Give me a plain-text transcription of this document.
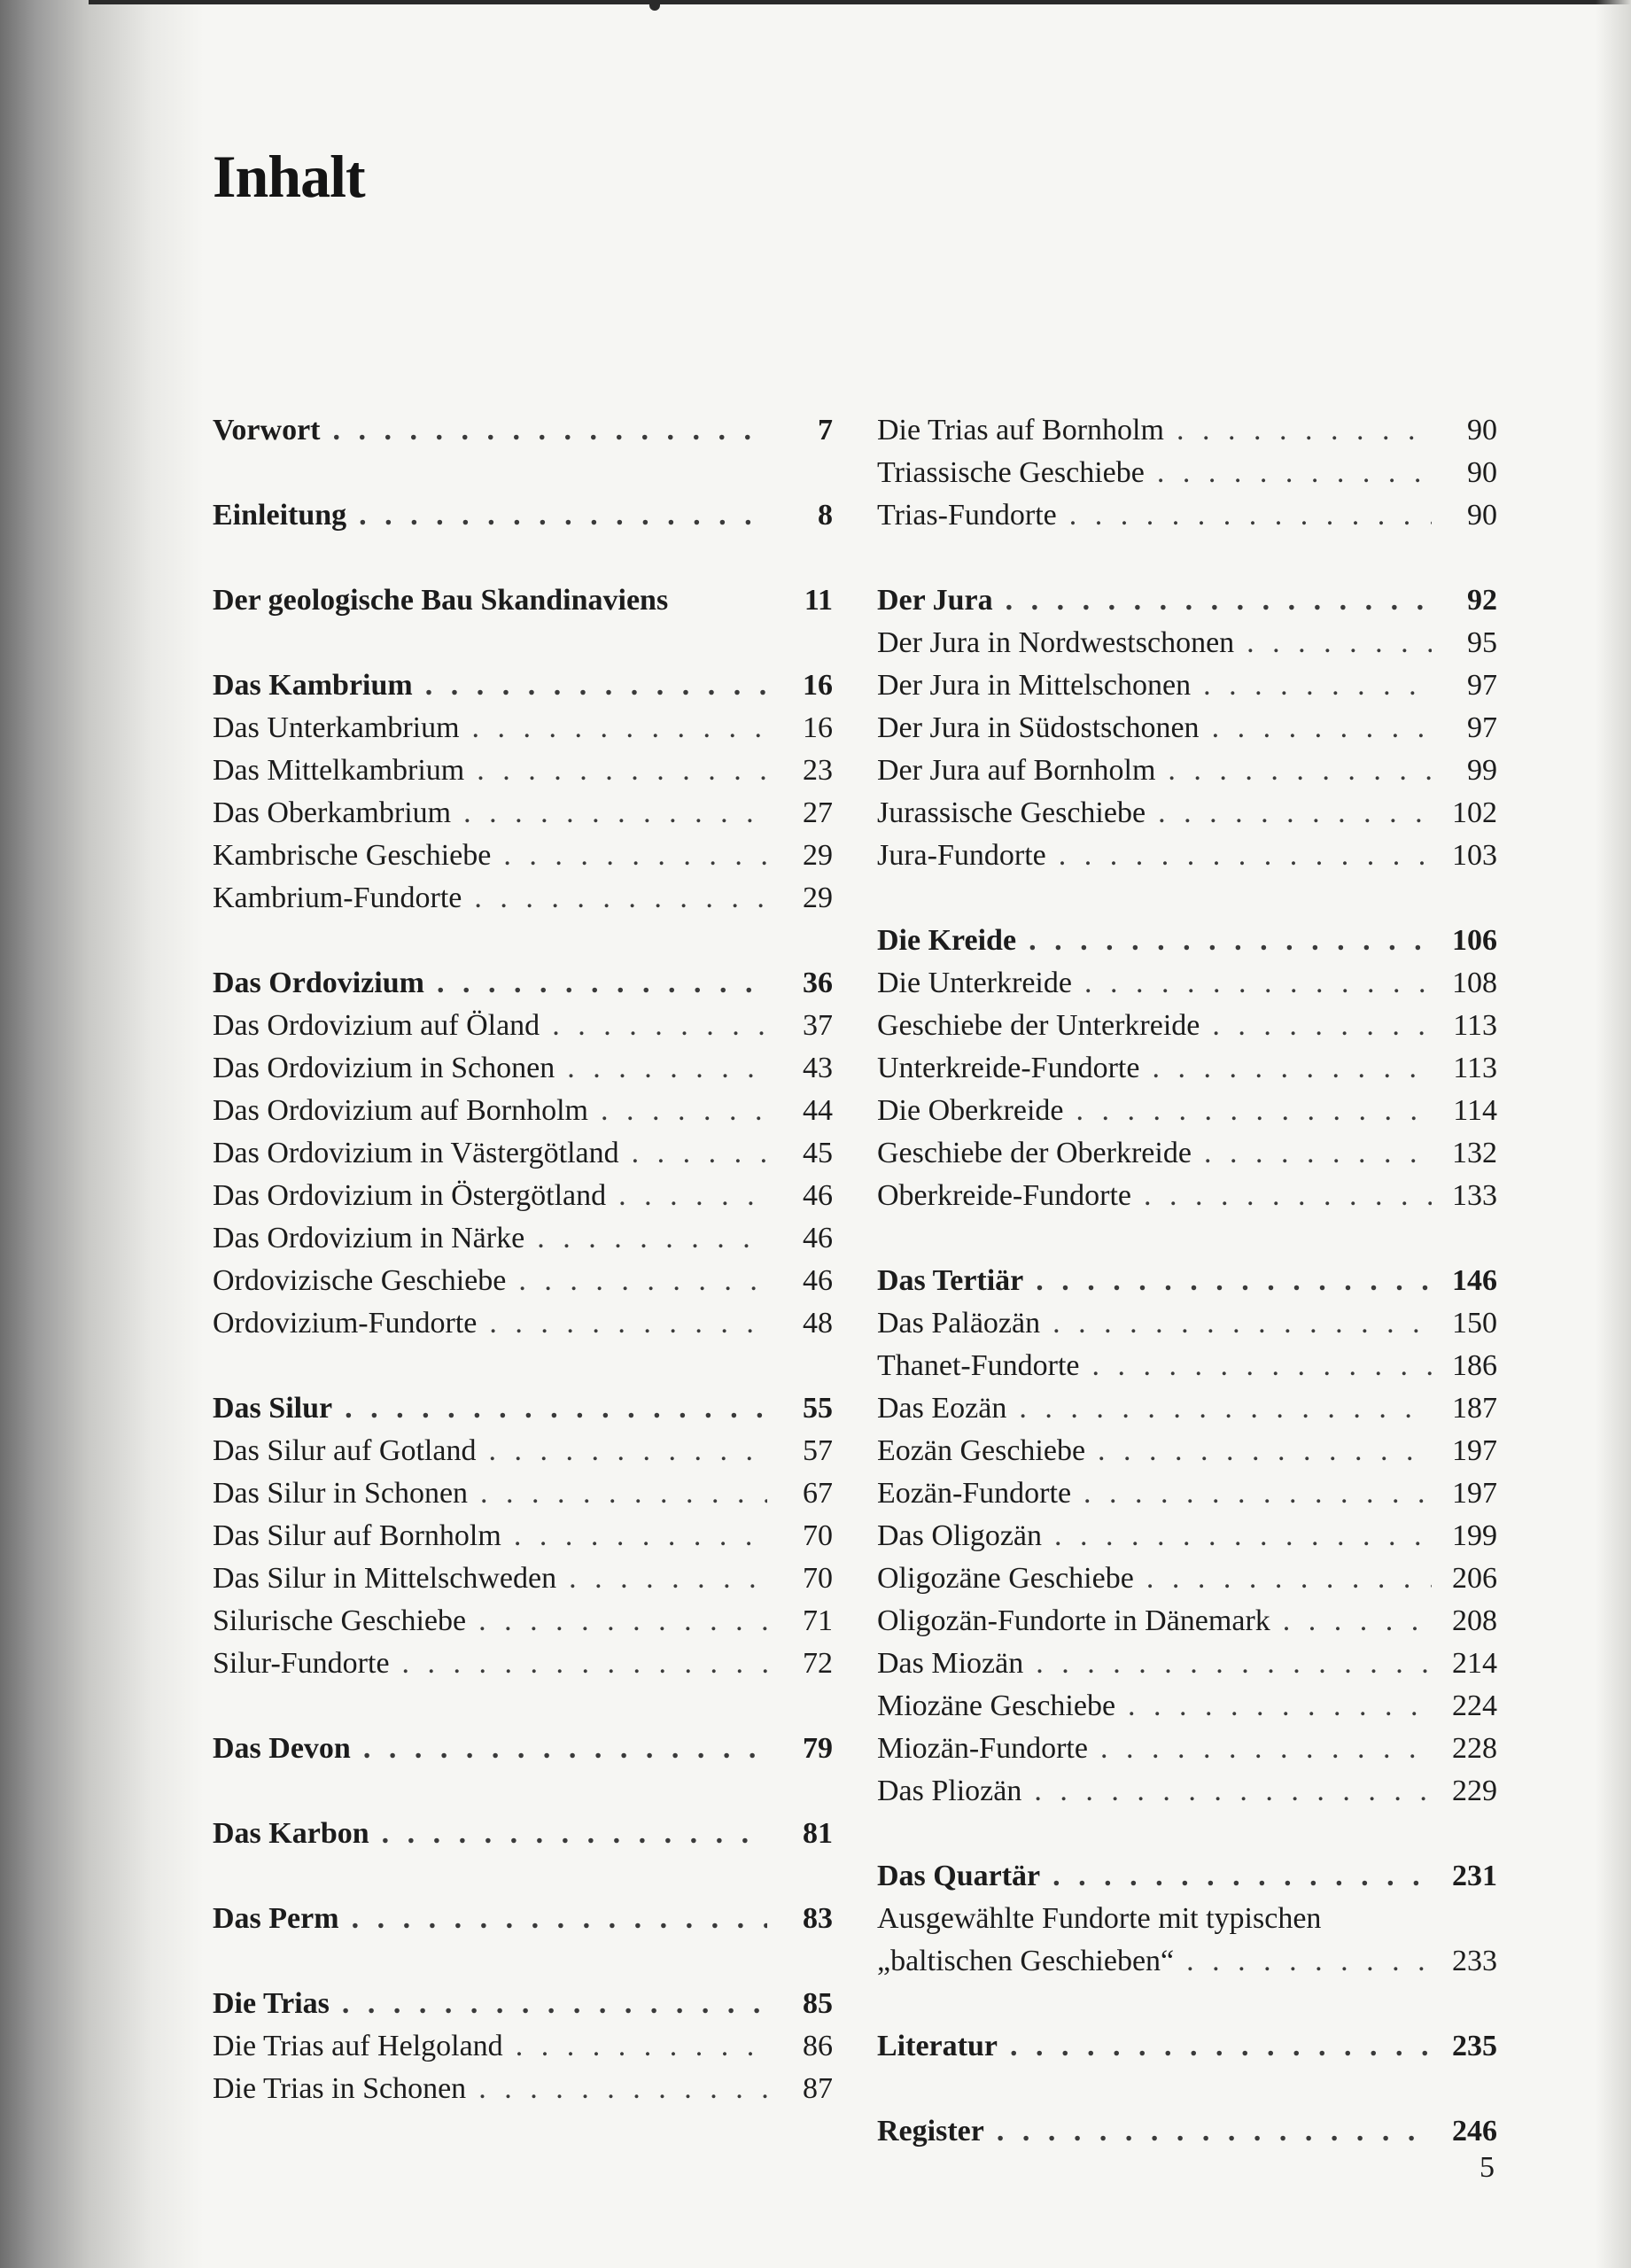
Inhalt
Vorwort . . .	7
Einleitung . . .	8
Der geologische Bau Skandinaviens	11
Das Kambrium . . .	16
Das Unterkambrium . . .	16
Das Mittelkambrium . . .	23
Das Oberkambrium . . .	27
Kambrische Geschiebe . . .	29
Kambrium-Fundorte . . .	29
Das Ordovizium . . .	36
Das Ordovizium auf Öland . . .	37
Das Ordovizium in Schonen . . .	43
Das Ordovizium auf Bornholm . . .	44
Das Ordovizium in Västergötland . . .	45
Das Ordovizium in Östergötland . . .	46
Das Ordovizium in Närke . . .	46
Ordovizische Geschiebe . . .	46
Ordovizium-Fundorte . . .	48
Das Silur . . .	55
Das Silur auf Gotland . . .	57
Das Silur in Schonen . . .	67
Das Silur auf Bornholm . . .	70
Das Silur in Mittelschweden . . .	70
Silurische Geschiebe . . .	71
Silur-Fundorte . . .	72
Das Devon . . .	79
Das Karbon . . .	81
Das Perm . . .	83
Die Trias . . .	85
Die Trias auf Helgoland . . .	86
Die Trias in Schonen . . .	87
Die Trias auf Bornholm . . .	90
Triassische Geschiebe . . .	90
Trias-Fundorte . . .	90
Der Jura . . .	92
Der Jura in Nordwestschonen . . .	95
Der Jura in Mittelschonen . . .	97
Der Jura in Südostschonen . . .	97
Der Jura auf Bornholm . . .	99
Jurassische Geschiebe . . .	102
Jura-Fundorte . . .	103
Die Kreide . . .	106
Die Unterkreide . . .	108
Geschiebe der Unterkreide . . .	113
Unterkreide-Fundorte . . .	113
Die Oberkreide . . .	114
Geschiebe der Oberkreide . . .	132
Oberkreide-Fundorte . . .	133
Das Tertiär . . .	146
Das Paläozän . . .	150
Thanet-Fundorte . . .	186
Das Eozän . . .	187
Eozän Geschiebe . . .	197
Eozän-Fundorte . . .	197
Das Oligozän . . .	199
Oligozäne Geschiebe . . .	206
Oligozän-Fundorte in Dänemark . . .	208
Das Miozän . . .	214
Miozäne Geschiebe . . .	224
Miozän-Fundorte . . .	228
Das Pliozän . . .	229
Das Quartär . . .	231
Ausgewählte Fundorte mit typischen
„baltischen Geschieben“ . . .	233
Literatur . . .	235
Register . . .	246
5
